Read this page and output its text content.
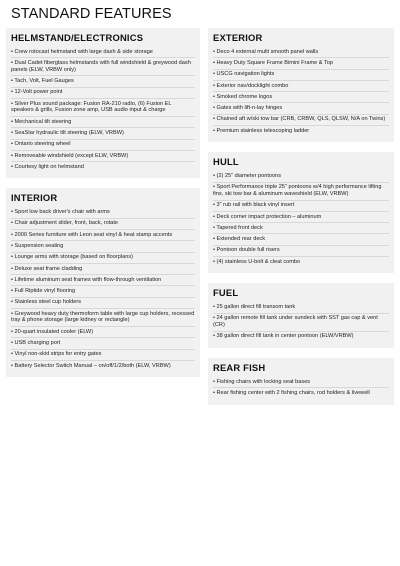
STANDARD FEATURES
HELMSTAND/ELECTRONICS
• Crew rotocast helmstand with large dash & side storage
• Dual Cadet fiberglass helmstands with full windshield & greywood dash panels (ELW, VRBW only)
• Tach, Volt, Fuel Gauges
• 12-Volt power point
• Silver Plus sound package: Fusion RA-210 radio, (6) Fusion EL speakers & grills, Fusion zone amp, USB audio input & charge
• Mechanical tilt steering
• SeaStar hydraulic tilt steering (ELW, VRBW)
• Ontario steering wheel
• Removeable windshield (except ELW, VRBW)
• Courtesy light on helmstand
INTERIOR
• Sport low back driver's chair with arms
• Chair adjustment slider, front, back, rotate
• 2000 Series furniture with Leon seat vinyl & heat stamp accents
• Suspension seating
• Lounge arms with storage (based on floorplans)
• Deluxe seat frame cladding
• Lifetime aluminum seat frames with flow-through ventilation
• Full Riptide vinyl flooring
• Stainless steel cup holders
• Greywood heavy duty thermoform table with large cup holders, recessed tray & phone storage (large kidney or rectangle)
• 20-quart insulated cooler (ELW)
• USB charging port
• Vinyl non-skid strips for entry gates
• Battery Selector Switch Manual – on/off/1/2/both (ELW, VRBW)
EXTERIOR
• Deco 4 external multi smooth panel walls
• Heavy Duty Square Frame Bimini Frame & Top
• USCG navigation lights
• Exterior nav/docklight combo
• Smoked chrome logos
• Gates with lift-n-lay hinges
• Chained aft w/ski tow bar (CRB, CRBW, QLS, QLSW, N/A on Twins)
• Premium stainless telescoping ladder
HULL
• (2) 25" diameter pontoons
• Sport Performance triple 25" pontoons w/4 high performance lifting fins, ski tow bar & aluminum waveshield (ELW, VRBW)
• 3" rub rail with black vinyl insert
• Deck corner impact protection – aluminum
• Tapered front deck
• Extended rear deck
• Pontoon double full risers
• (4) stainless U-bolt & cleat combo
FUEL
• 25 gallon direct fill transom tank
• 24 gallon remote fill tank under sundeck with SST gas cap & vent (CR)
• 38 gallon direct fill tank in center pontoon (ELW/VRBW)
REAR FISH
• Fishing chairs with locking seat bases
• Rear fishing center with 2 fishing chairs, rod holders & livewell
